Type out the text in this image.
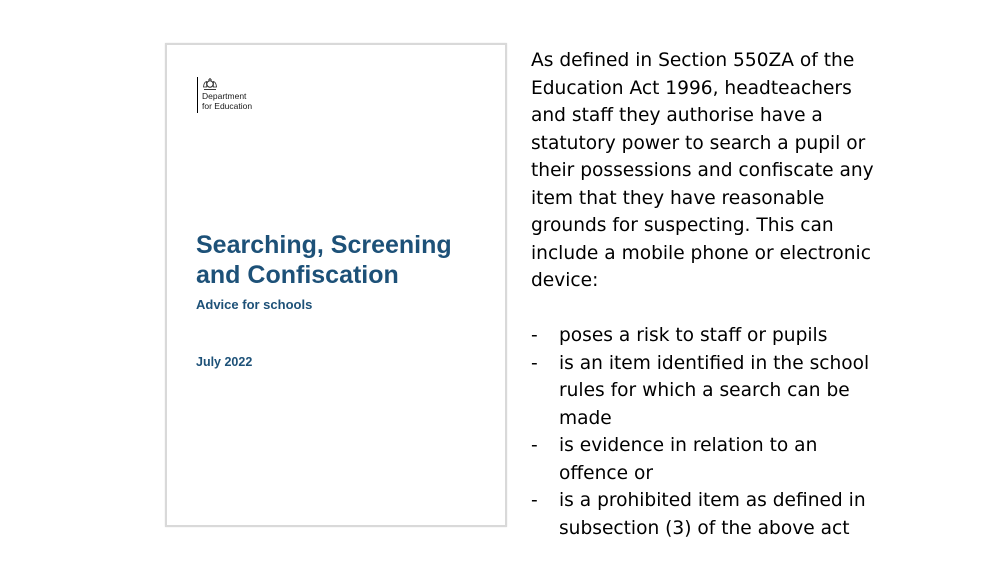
Department
for Education
Searching, Screening
and Confiscation

Advice for schools

July 2022

As defined in Section 550ZA of the Education Act 1996, headteachers and staff they authorise have a statutory power to search a pupil or their possessions and confiscate any item that they have reasonable grounds for suspecting. This can include a mobile phone or electronic device:

-	poses a risk to staff or pupils
-	is an item identified in the school rules for which a search can be made
-	is evidence in relation to an offence or
-	is a prohibited item as defined in subsection (3) of the above act
